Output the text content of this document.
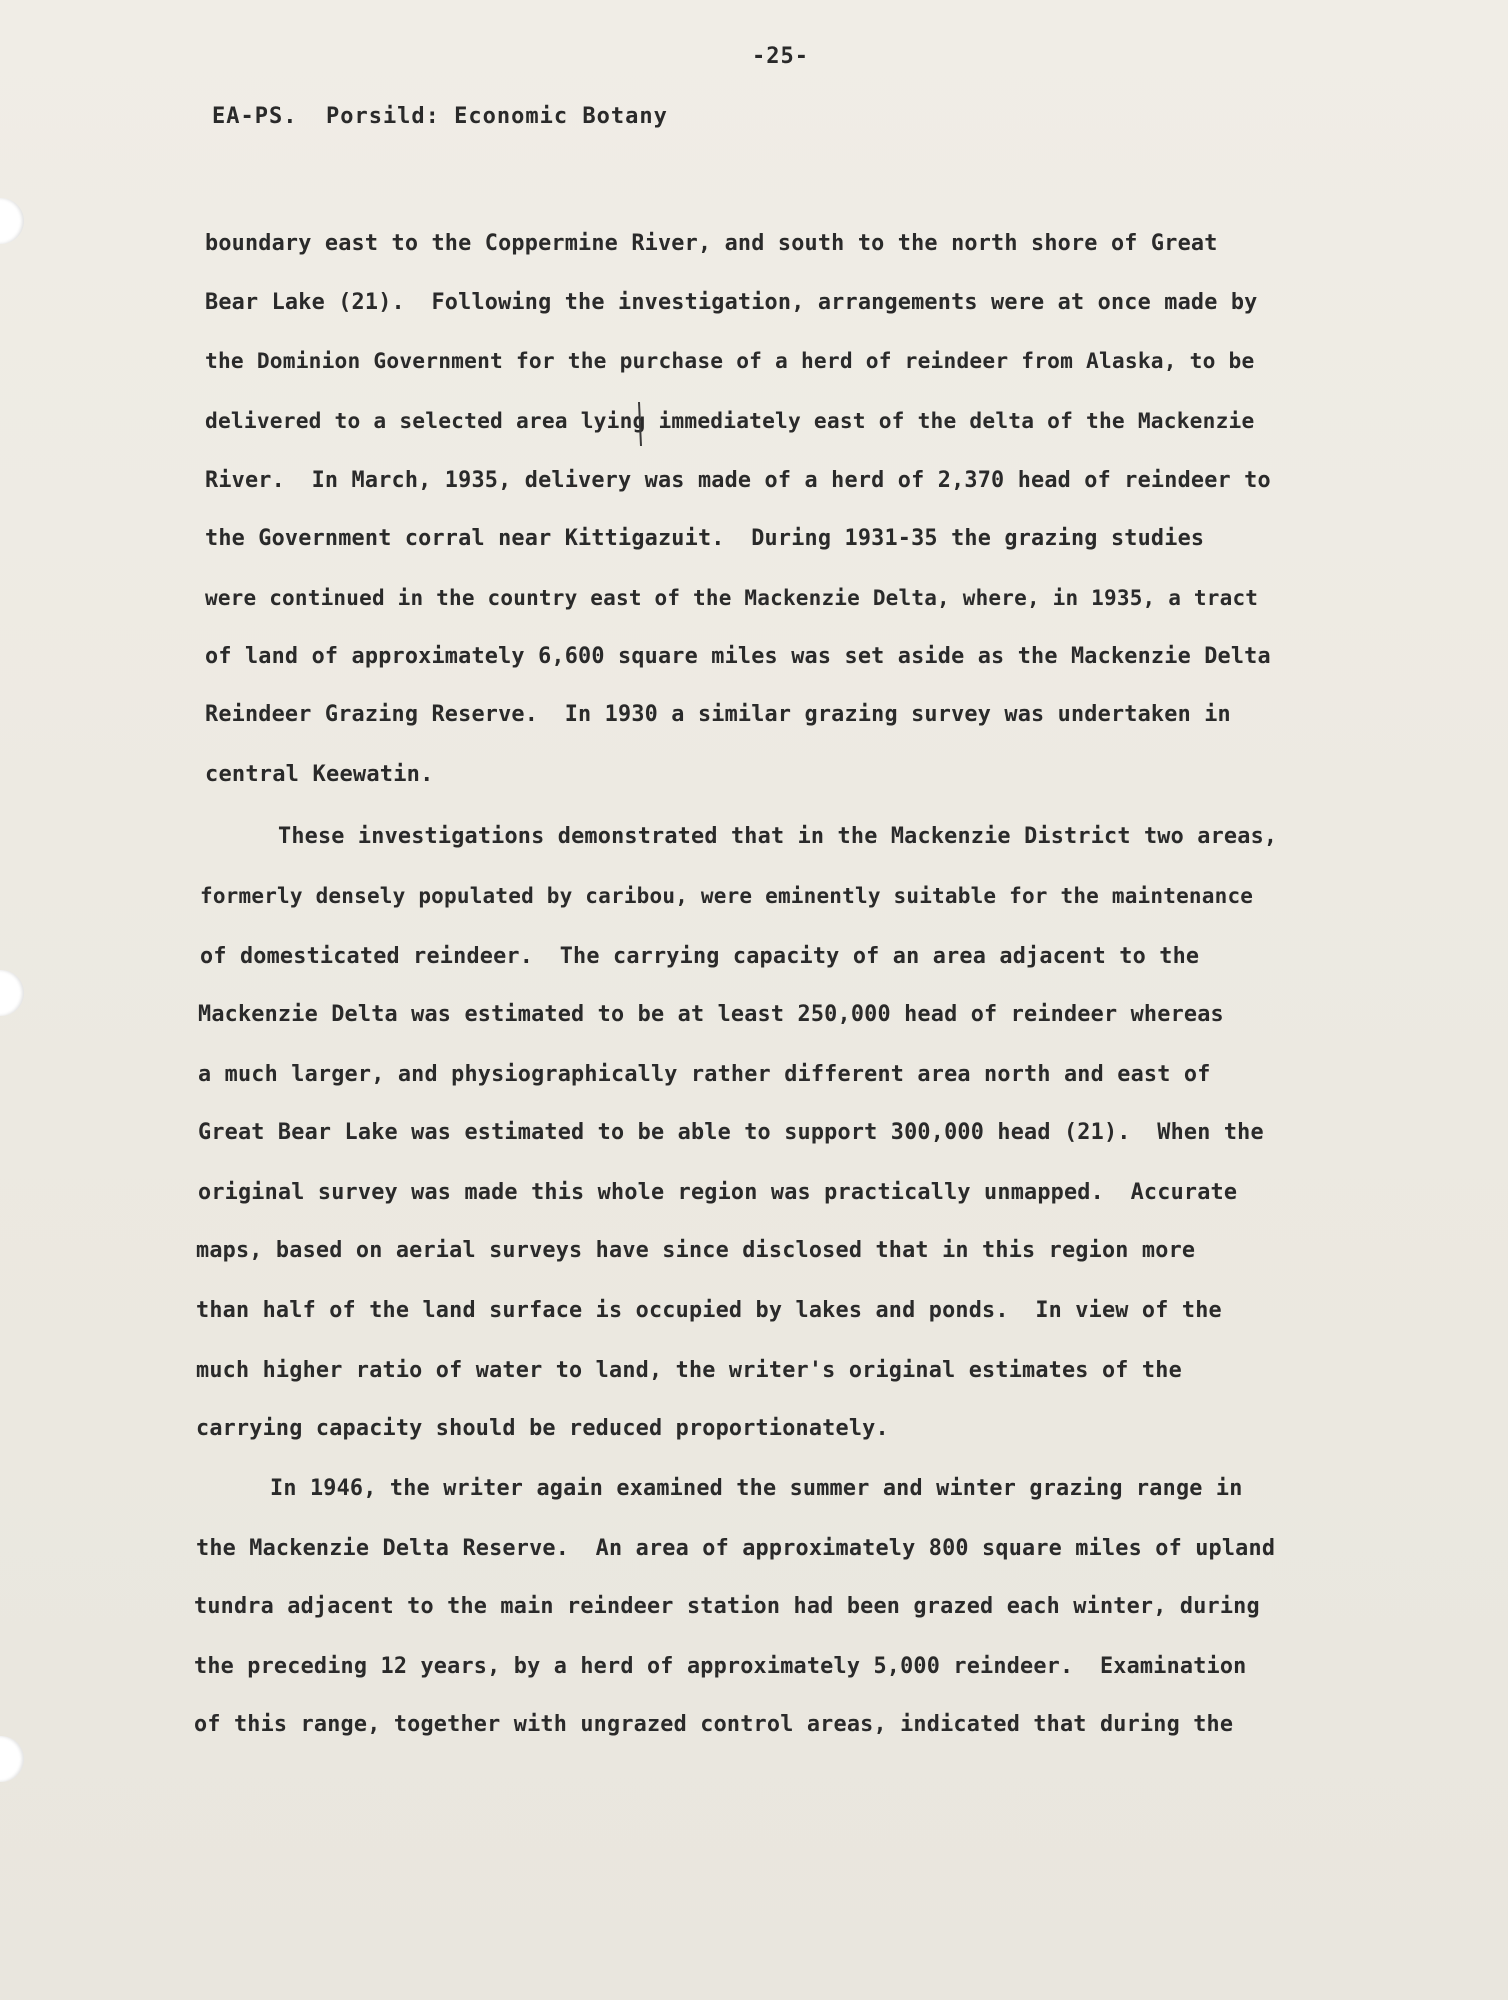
-25-
EA-PS.  Porsild: Economic Botany
boundary east to the Coppermine River, and south to the north shore of Great
Bear Lake (21).  Following the investigation, arrangements were at once made by
the Dominion Government for the purchase of a herd of reindeer from Alaska, to be
delivered to a selected area lying immediately east of the delta of the Mackenzie
River.  In March, 1935, delivery was made of a herd of 2,370 head of reindeer to
the Government corral near Kittigazuit.  During 1931-35 the grazing studies
were continued in the country east of the Mackenzie Delta, where, in 1935, a tract
of land of approximately 6,600 square miles was set aside as the Mackenzie Delta
Reindeer Grazing Reserve.  In 1930 a similar grazing survey was undertaken in
central Keewatin.
These investigations demonstrated that in the Mackenzie District two areas,
formerly densely populated by caribou, were eminently suitable for the maintenance
of domesticated reindeer.  The carrying capacity of an area adjacent to the
Mackenzie Delta was estimated to be at least 250,000 head of reindeer whereas
a much larger, and physiographically rather different area north and east of
Great Bear Lake was estimated to be able to support 300,000 head (21).  When the
original survey was made this whole region was practically unmapped.  Accurate
maps, based on aerial surveys have since disclosed that in this region more
than half of the land surface is occupied by lakes and ponds.  In view of the
much higher ratio of water to land, the writer's original estimates of the
carrying capacity should be reduced proportionately.
In 1946, the writer again examined the summer and winter grazing range in
the Mackenzie Delta Reserve.  An area of approximately 800 square miles of upland
tundra adjacent to the main reindeer station had been grazed each winter, during
the preceding 12 years, by a herd of approximately 5,000 reindeer.  Examination
of this range, together with ungrazed control areas, indicated that during the
